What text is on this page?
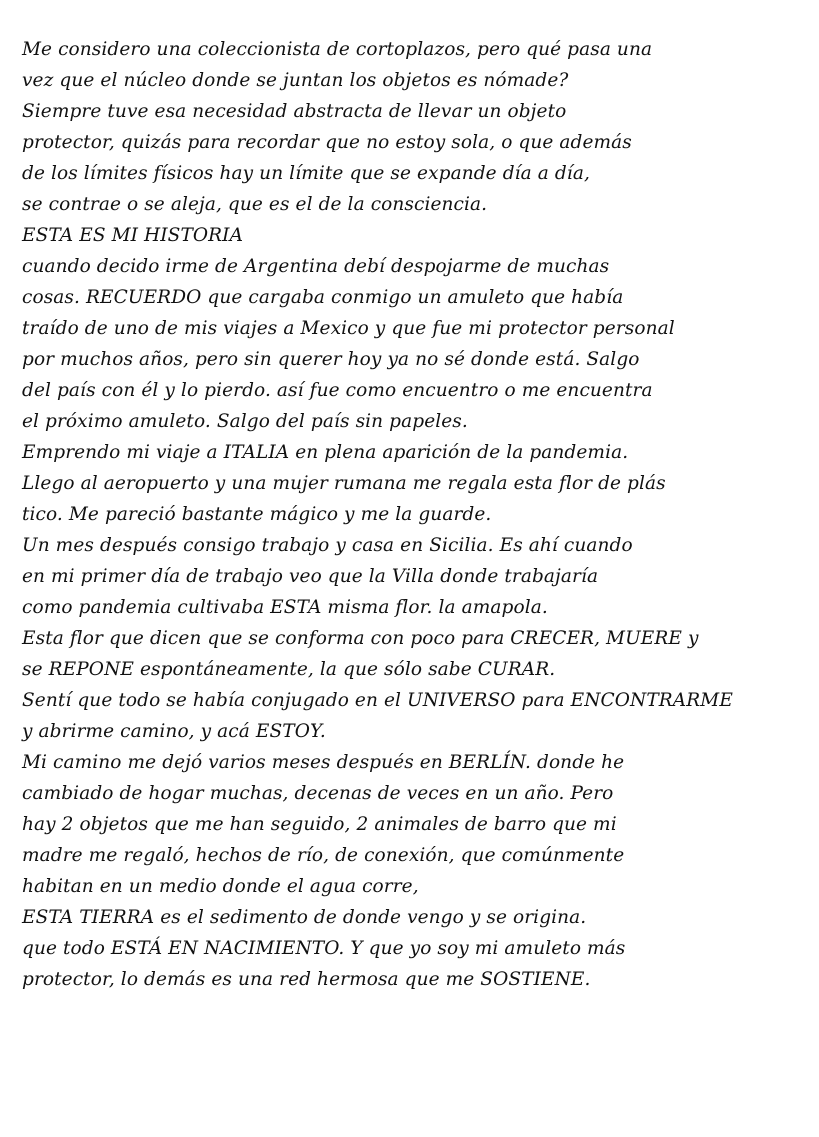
Me considero una coleccionista de cortoplazos, pero qué pasa una
vez que el núcleo donde se juntan los objetos es nómade?
Siempre tuve esa necesidad abstracta de llevar un objeto
protector, quizás para recordar que no estoy sola, o que además
de los límites físicos hay un límite que se expande día a día,
se contrae o se aleja, que es el de la consciencia.
ESTA ES MI HISTORIA
cuando decido irme de Argentina debí despojarme de muchas
cosas. RECUERDO que cargaba conmigo un amuleto que había
traído de uno de mis viajes a Mexico y que fue mi protector personal
por muchos años, pero sin querer hoy ya no sé donde está. Salgo
del país con él y lo pierdo. así fue como encuentro o me encuentra
el próximo amuleto. Salgo del país sin papeles.
Emprendo mi viaje a ITALIA en plena aparición de la pandemia.
Llego al aeropuerto y una mujer rumana me regala esta flor de plás
tico. Me pareció bastante mágico y me la guarde.
Un mes después consigo trabajo y casa en Sicilia. Es ahí cuando
en mi primer día de trabajo veo que la Villa donde trabajaría
como pandemia cultivaba ESTA misma flor. la amapola.
Esta flor que dicen que se conforma con poco para CRECER, MUERE y
se REPONE espontáneamente, la que sólo sabe CURAR.
Sentí que todo se había conjugado en el UNIVERSO para ENCONTRARME
y abrirme camino, y acá ESTOY.
Mi camino me dejó varios meses después en BERLÍN. donde he
cambiado de hogar muchas, decenas de veces en un año. Pero
hay 2 objetos que me han seguido, 2 animales de barro que mi
madre me regaló, hechos de río, de conexión, que comúnmente
habitan en un medio donde el agua corre,
ESTA TIERRA es el sedimento de donde vengo y se origina.
que todo ESTÁ EN NACIMIENTO. Y que yo soy mi amuleto más
protector, lo demás es una red hermosa que me SOSTIENE.
